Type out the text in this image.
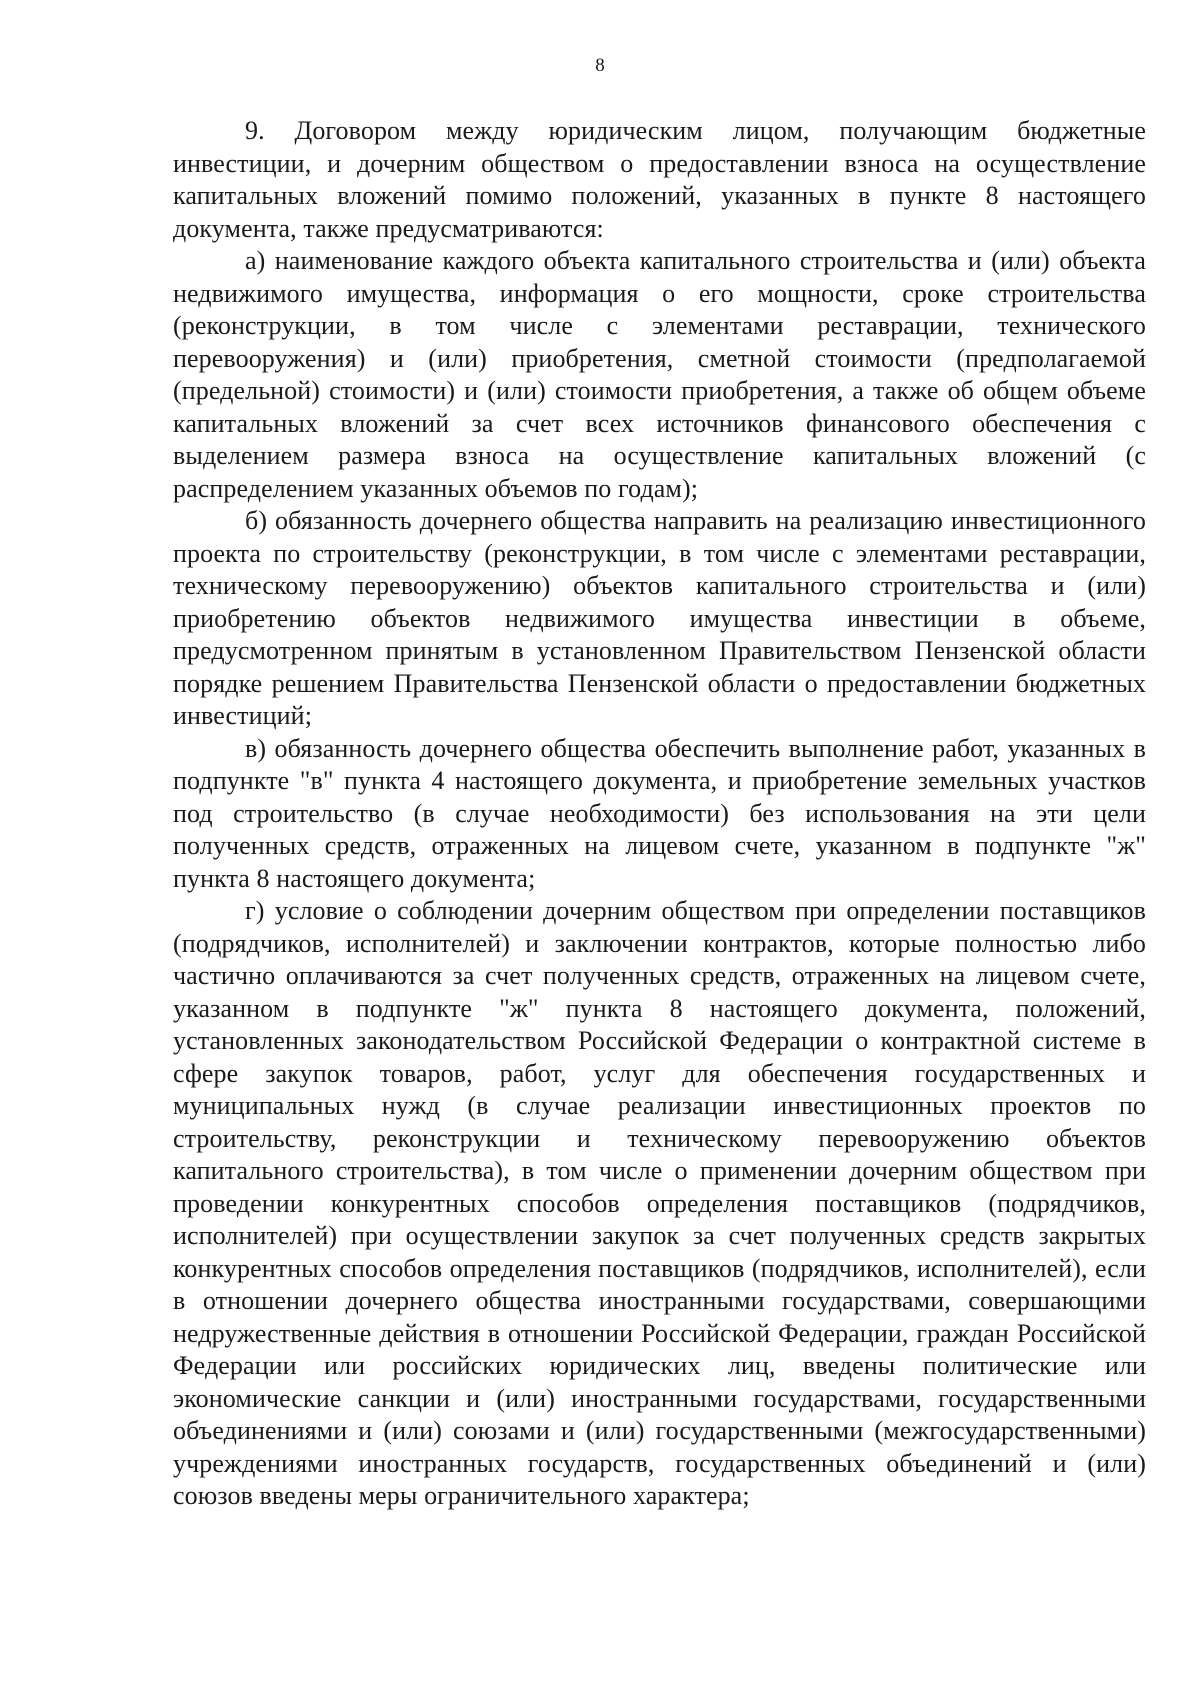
8

9. Договором между юридическим лицом, получающим бюджетные инвестиции, и дочерним обществом о предоставлении взноса на осуществление капитальных вложений помимо положений, указанных в пункте 8 настоящего документа, также предусматриваются:

а) наименование каждого объекта капитального строительства и (или) объекта недвижимого имущества, информация о его мощности, сроке строительства (реконструкции, в том числе с элементами реставрации, технического перевооружения) и (или) приобретения, сметной стоимости (предполагаемой (предельной) стоимости) и (или) стоимости приобретения, а также об общем объеме капитальных вложений за счет всех источников финансового обеспечения с выделением размера взноса на осуществление капитальных вложений (с распределением указанных объемов по годам);

б) обязанность дочернего общества направить на реализацию инвестиционного проекта по строительству (реконструкции, в том числе с элементами реставрации, техническому перевооружению) объектов капитального строительства и (или) приобретению объектов недвижимого имущества инвестиции в объеме, предусмотренном принятым в установленном Правительством Пензенской области порядке решением Правительства Пензенской области о предоставлении бюджетных инвестиций;

в) обязанность дочернего общества обеспечить выполнение работ, указанных в подпункте "в" пункта 4 настоящего документа, и приобретение земельных участков под строительство (в случае необходимости) без использования на эти цели полученных средств, отраженных на лицевом счете, указанном в подпункте "ж" пункта 8 настоящего документа;

г) условие о соблюдении дочерним обществом при определении поставщиков (подрядчиков, исполнителей) и заключении контрактов, которые полностью либо частично оплачиваются за счет полученных средств, отраженных на лицевом счете, указанном в подпункте "ж" пункта 8 настоящего документа, положений, установленных законодательством Российской Федерации о контрактной системе в сфере закупок товаров, работ, услуг для обеспечения государственных и муниципальных нужд (в случае реализации инвестиционных проектов по строительству, реконструкции и техническому перевооружению объектов капитального строительства), в том числе о применении дочерним обществом при проведении конкурентных способов определения поставщиков (подрядчиков, исполнителей) при осуществлении закупок за счет полученных средств закрытых конкурентных способов определения поставщиков (подрядчиков, исполнителей), если в отношении дочернего общества иностранными государствами, совершающими недружественные действия в отношении Российской Федерации, граждан Российской Федерации или российских юридических лиц, введены политические или экономические санкции и (или) иностранными государствами, государственными объединениями и (или) союзами и (или) государственными (межгосударственными) учреждениями иностранных государств, государственных объединений и (или) союзов введены меры ограничительного характера;
